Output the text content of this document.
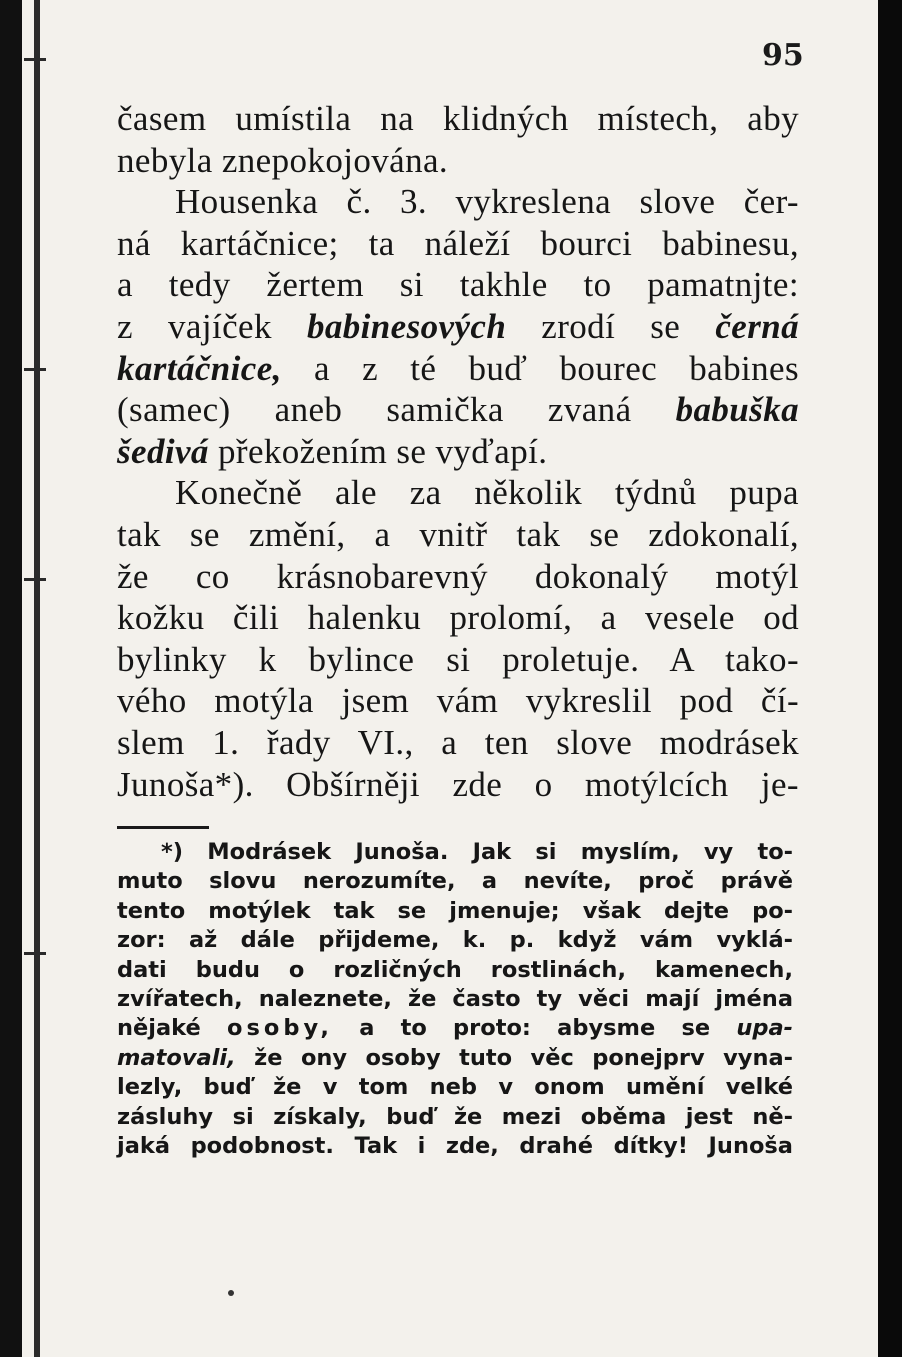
95
časem umístila na klidných místech, aby
nebyla znepokojována.
Housenka č. 3. vykreslena slove čer-
ná kartáčnice; ta náleží bourci babinesu,
a tedy žertem si takhle to pamatnjte:
z vajíček babinesových zrodí se černá
kartáčnice, a z té buď bourec babines
(samec) aneb samička zvaná babuška
šedivá překožením se vyďapí.
Konečně ale za několik týdnů pupa
tak se změní, a vnitř tak se zdokonalí,
že co krásnobarevný dokonalý motýl
kožku čili halenku prolomí, a vesele od
bylinky k bylince si proletuje. A tako-
vého motýla jsem vám vykreslil pod čí-
slem 1. řady VI., a ten slove modrásek
Junoša*). Obšírněji zde o motýlcích je-
*) Modrásek Junoša. Jak si myslím, vy to-
muto slovu nerozumíte, a nevíte, proč právě
tento motýlek tak se jmenuje; však dejte po-
zor: až dále přijdeme, k. p. když vám vyklá-
dati budu o rozličných rostlinách, kamenech,
zvířatech, naleznete, že často ty věci mají jména
nějaké osoby, a to proto: abysme se upa-
matovali, že ony osoby tuto věc ponejprv vyna-
lezly, buď že v tom neb v onom umění velké
zásluhy si získaly, buď že mezi oběma jest ně-
jaká podobnost. Tak i zde, drahé dítky! Junoša
